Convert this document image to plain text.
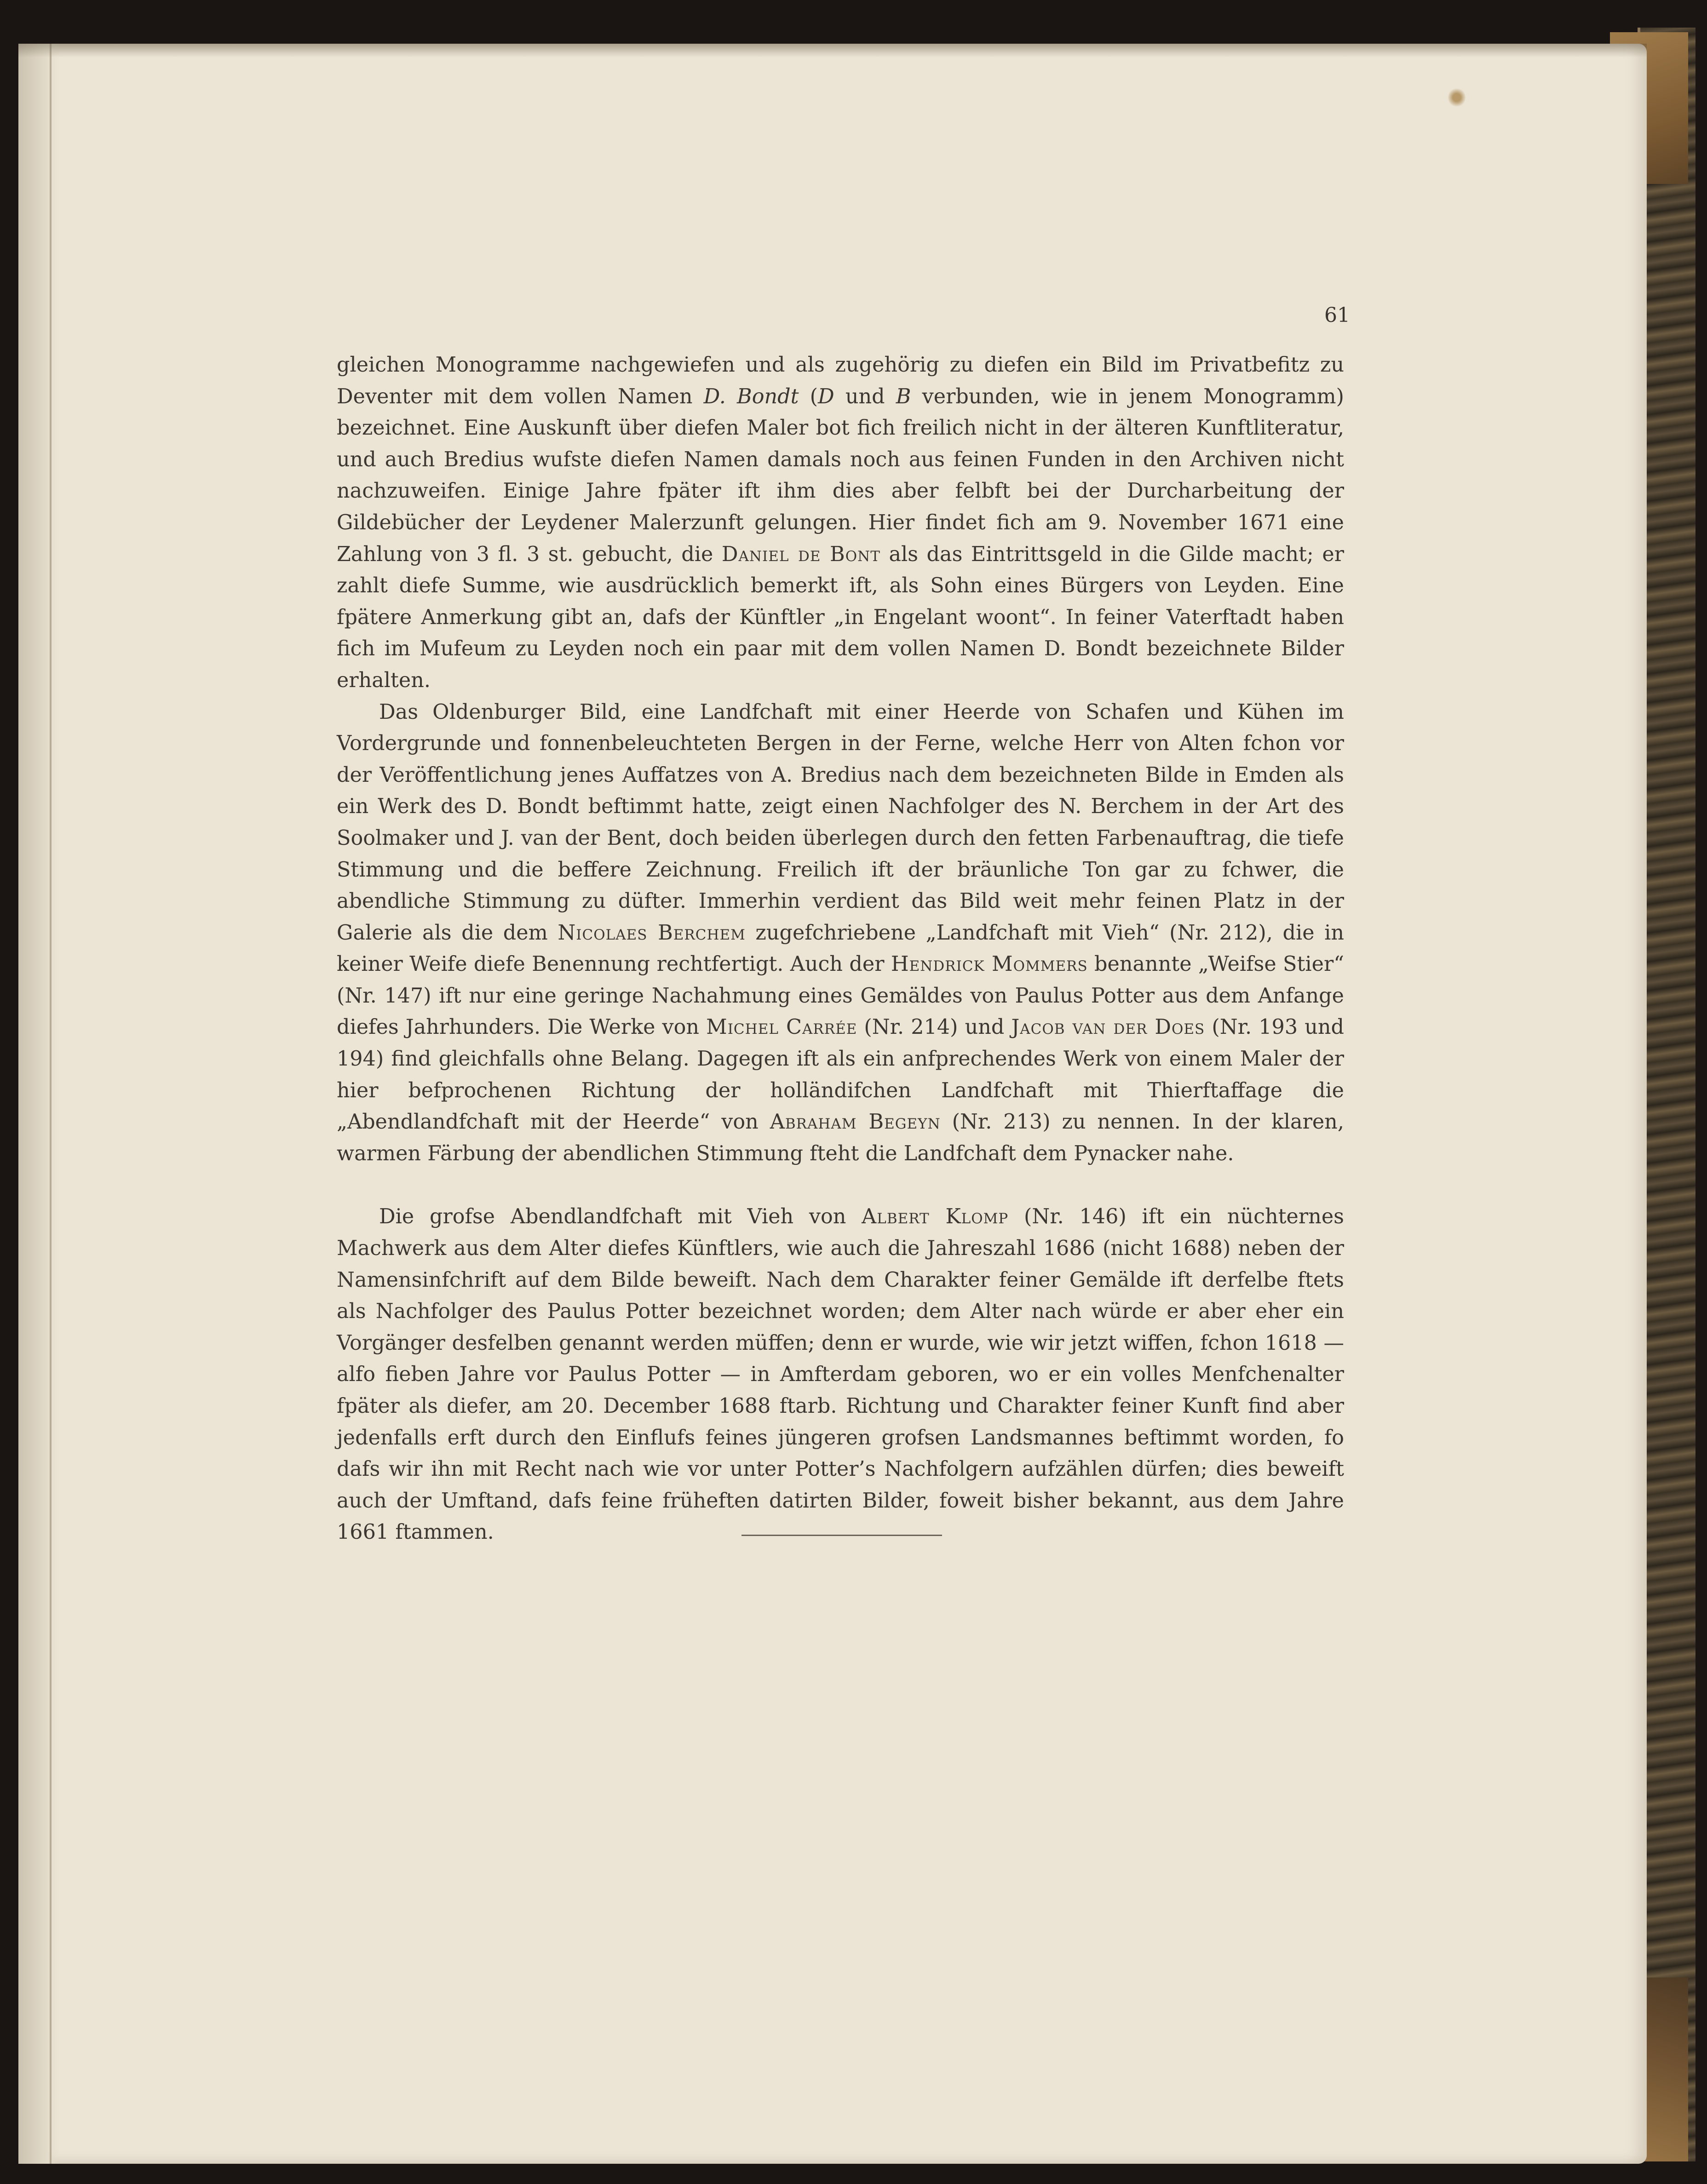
61

gleichen Monogramme nachgewiefen und als zugehörig zu diefen ein Bild im Privatbefitz zu Deventer mit dem vollen Namen D. Bondt (D und B verbunden, wie in jenem Monogramm) bezeichnet. Eine Auskunft über diefen Maler bot fich freilich nicht in der älteren Kunftliteratur, und auch Bredius wufste diefen Namen damals noch aus feinen Funden in den Archiven nicht nachzuweifen. Einige Jahre fpäter ift ihm dies aber felbft bei der Durcharbeitung der Gildebücher der Leydener Malerzunft gelungen. Hier findet fich am 9. November 1671 eine Zahlung von 3 fl. 3 st. gebucht, die Daniel de Bont als das Eintrittsgeld in die Gilde macht; er zahlt diefe Summe, wie ausdrücklich bemerkt ift, als Sohn eines Bürgers von Leyden. Eine fpätere Anmerkung gibt an, dafs der Künftler „in Engelant woont“. In feiner Vaterftadt haben fich im Mufeum zu Leyden noch ein paar mit dem vollen Namen D. Bondt bezeichnete Bilder erhalten.

Das Oldenburger Bild, eine Landfchaft mit einer Heerde von Schafen und Kühen im Vordergrunde und fonnenbeleuchteten Bergen in der Ferne, welche Herr von Alten fchon vor der Veröffentlichung jenes Auffatzes von A. Bredius nach dem bezeichneten Bilde in Emden als ein Werk des D. Bondt beftimmt hatte, zeigt einen Nachfolger des N. Berchem in der Art des Soolmaker und J. van der Bent, doch beiden überlegen durch den fetten Farbenauftrag, die tiefe Stimmung und die beffere Zeichnung. Freilich ift der bräunliche Ton gar zu fchwer, die abendliche Stimmung zu düfter. Immerhin verdient das Bild weit mehr feinen Platz in der Galerie als die dem Nicolaes Berchem zugefchriebene „Landfchaft mit Vieh“ (Nr. 212), die in keiner Weife diefe Benennung rechtfertigt. Auch der Hendrick Mommers benannte „Weifse Stier“ (Nr. 147) ift nur eine geringe Nachahmung eines Gemäldes von Paulus Potter aus dem Anfange diefes Jahrhunders. Die Werke von Michel Carrée (Nr. 214) und Jacob van der Does (Nr. 193 und 194) find gleichfalls ohne Belang. Dagegen ift als ein anfprechendes Werk von einem Maler der hier befprochenen Richtung der holländifchen Landfchaft mit Thierftaffage die „Abendlandfchaft mit der Heerde“ von Abraham Begeyn (Nr. 213) zu nennen. In der klaren, warmen Färbung der abendlichen Stimmung fteht die Landfchaft dem Pynacker nahe.

Die grofse Abendlandfchaft mit Vieh von Albert Klomp (Nr. 146) ift ein nüchternes Machwerk aus dem Alter diefes Künftlers, wie auch die Jahreszahl 1686 (nicht 1688) neben der Namensinfchrift auf dem Bilde beweift. Nach dem Charakter feiner Gemälde ift derfelbe ftets als Nachfolger des Paulus Potter bezeichnet worden; dem Alter nach würde er aber eher ein Vorgänger desfelben genannt werden müffen; denn er wurde, wie wir jetzt wiffen, fchon 1618 — alfo fieben Jahre vor Paulus Potter — in Amfterdam geboren, wo er ein volles Menfchenalter fpäter als diefer, am 20. December 1688 ftarb. Richtung und Charakter feiner Kunft find aber jedenfalls erft durch den Einflufs feines jüngeren grofsen Landsmannes beftimmt worden, fo dafs wir ihn mit Recht nach wie vor unter Potter’s Nachfolgern aufzählen dürfen; dies beweift auch der Umftand, dafs feine früheften datirten Bilder, foweit bisher bekannt, aus dem Jahre 1661 ftammen.
